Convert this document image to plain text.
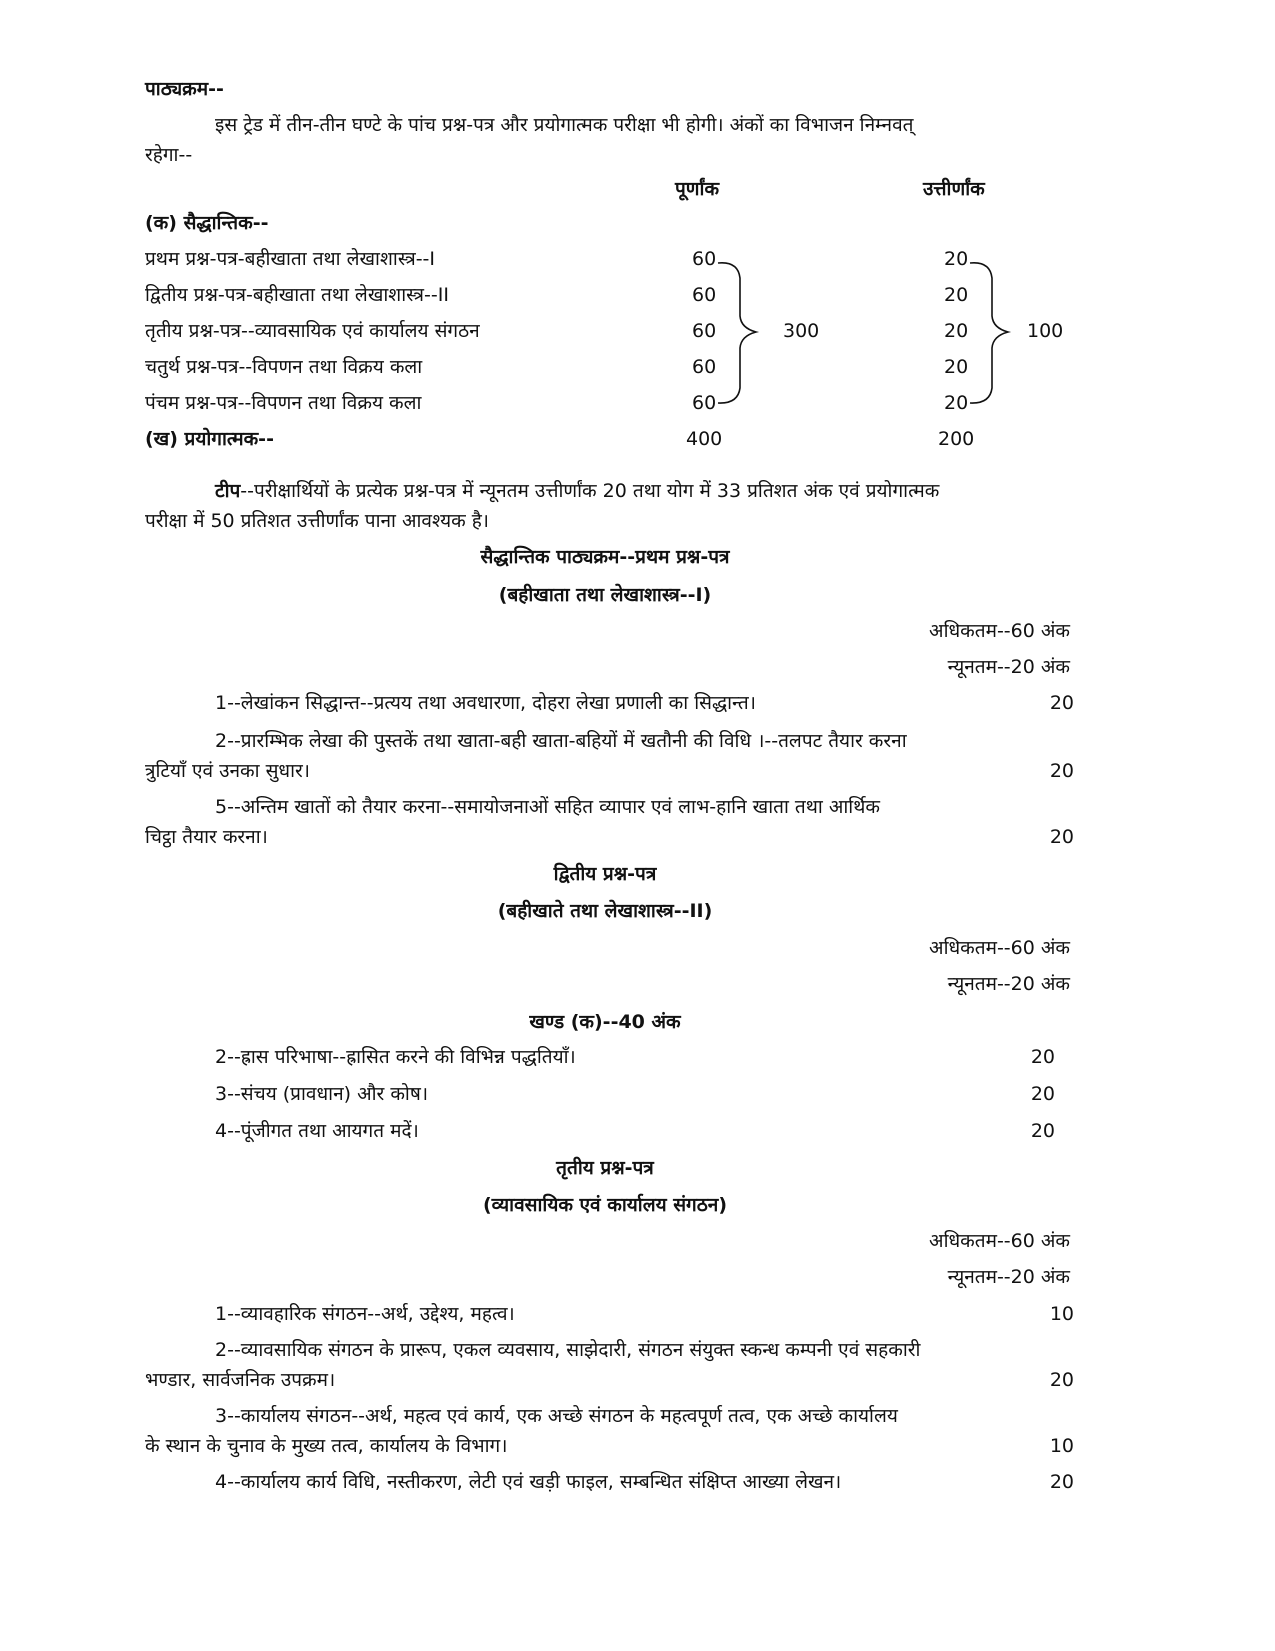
पाठ्यक्रम--
इस ट्रेड में तीन-तीन घण्टे के पांच प्रश्न-पत्र और प्रयोगात्मक परीक्षा भी होगी। अंकों का विभाजन निम्नवत्
रहेगा--
पूर्णांक	उत्तीर्णांक
(क) सैद्धान्तिक--
प्रथम प्रश्न-पत्र-बहीखाता तथा लेखाशास्त्र--I	60	20
द्वितीय प्रश्न-पत्र-बहीखाता तथा लेखाशास्त्र--II	60	20
तृतीय प्रश्न-पत्र--व्यावसायिक एवं कार्यालय संगठन	60	20
चतुर्थ प्रश्न-पत्र--विपणन तथा विक्रय कला	60	20
पंचम प्रश्न-पत्र--विपणन तथा विक्रय कला	60	20
300	100
(ख) प्रयोगात्मक--	400	200
टीप--परीक्षार्थियों के प्रत्येक प्रश्न-पत्र में न्यूनतम उत्तीर्णांक 20 तथा योग में 33 प्रतिशत अंक एवं प्रयोगात्मक
परीक्षा में 50 प्रतिशत उत्तीर्णांक पाना आवश्यक है।
सैद्धान्तिक पाठ्यक्रम--प्रथम प्रश्न-पत्र
(बहीखाता तथा लेखाशास्त्र--I)
अधिकतम--60 अंक
न्यूनतम--20 अंक
1--लेखांकन सिद्धान्त--प्रत्यय तथा अवधारणा, दोहरा लेखा प्रणाली का सिद्धान्त।	20
2--प्रारम्भिक लेखा की पुस्तकें तथा खाता-बही खाता-बहियों में खतौनी की विधि ।--तलपट तैयार करना
त्रुटियाँ एवं उनका सुधार।	20
5--अन्तिम खातों को तैयार करना--समायोजनाओं सहित व्यापार एवं लाभ-हानि खाता तथा आर्थिक
चिट्ठा तैयार करना।	20
द्वितीय प्रश्न-पत्र
(बहीखाते तथा लेखाशास्त्र--II)
अधिकतम--60 अंक
न्यूनतम--20 अंक
खण्ड (क)--40 अंक
2--ह्रास परिभाषा--ह्रासित करने की विभिन्न पद्धतियाँ।	20
3--संचय (प्रावधान) और कोष।	20
4--पूंजीगत तथा आयगत मदें।	20
तृतीय प्रश्न-पत्र
(व्यावसायिक एवं कार्यालय संगठन)
अधिकतम--60 अंक
न्यूनतम--20 अंक
1--व्यावहारिक संगठन--अर्थ, उद्देश्य, महत्व।	10
2--व्यावसायिक संगठन के प्रारूप, एकल व्यवसाय, साझेदारी, संगठन संयुक्त स्कन्ध कम्पनी एवं सहकारी
भण्डार, सार्वजनिक उपक्रम।	20
3--कार्यालय संगठन--अर्थ, महत्व एवं कार्य, एक अच्छे संगठन के महत्वपूर्ण तत्व, एक अच्छे कार्यालय
के स्थान के चुनाव के मुख्य तत्व, कार्यालय के विभाग।	10
4--कार्यालय कार्य विधि, नस्तीकरण, लेटी एवं खड़ी फाइल, सम्बन्धित संक्षिप्त आख्या लेखन।	20
